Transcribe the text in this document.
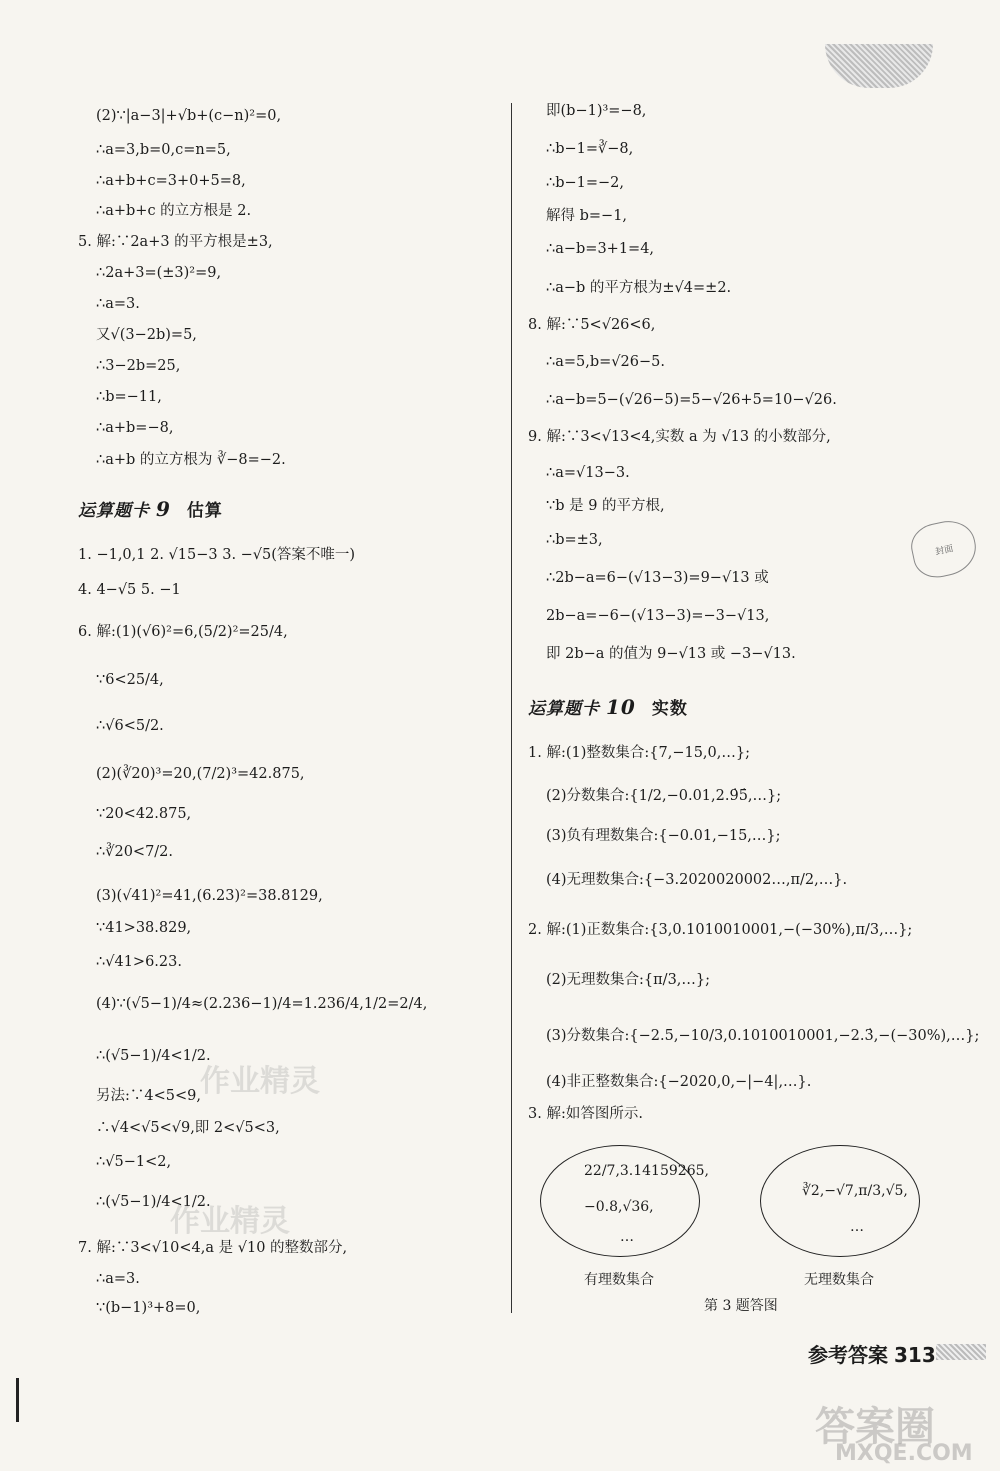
(2)∵|a−3|+√b+(c−n)²=0,
∴a=3,b=0,c=n=5,
∴a+b+c=3+0+5=8,
∴a+b+c 的立方根是 2.
5. 解:∵2a+3 的平方根是±3,
∴2a+3=(±3)²=9,
∴a=3.
又√(3−2b)=5,
∴3−2b=25,
∴b=−11,
∴a+b=−8,
∴a+b 的立方根为 ∛−8=−2.
运算题卡 9 估算
1. −1,0,1 2. √15−3 3. −√5(答案不唯一)
4. 4−√5 5. −1
6. 解:(1)(√6)²=6,(5/2)²=25/4,
∵6<25/4,
∴√6<5/2.
(2)(∛20)³=20,(7/2)³=42.875,
∵20<42.875,
∴∛20<7/2.
(3)(√41)²=41,(6.23)²=38.8129,
∵41>38.829,
∴√41>6.23.
(4)∵(√5−1)/4≈(2.236−1)/4=1.236/4,1/2=2/4,
∴(√5−1)/4<1/2.
另法:∵4<5<9,
∴√4<√5<√9,即 2<√5<3,
∴√5−1<2,
∴(√5−1)/4<1/2.
7. 解:∵3<√10<4,a 是 √10 的整数部分,
∴a=3.
∵(b−1)³+8=0,
即(b−1)³=−8,
∴b−1=∛−8,
∴b−1=−2,
解得 b=−1,
∴a−b=3+1=4,
∴a−b 的平方根为±√4=±2.
8. 解:∵5<√26<6,
∴a=5,b=√26−5.
∴a−b=5−(√26−5)=5−√26+5=10−√26.
9. 解:∵3<√13<4,实数 a 为 √13 的小数部分,
∴a=√13−3.
∵b 是 9 的平方根,
∴b=±3,
∴2b−a=6−(√13−3)=9−√13 或
2b−a=−6−(√13−3)=−3−√13,
即 2b−a 的值为 9−√13 或 −3−√13.
运算题卡 10 实数
1. 解:(1)整数集合:{7,−15,0,…};
(2)分数集合:{1/2,−0.01,2.9̇5̇,…};
(3)负有理数集合:{−0.01,−15,…};
(4)无理数集合:{−3.2020020002…,π/2,…}.
2. 解:(1)正数集合:{3,0.1010010001,−(−30%),π/3,…};
(2)无理数集合:{π/3,…};
(3)分数集合:{−2.5,−10/3,0.1010010001,−2.3̇,−(−30%),…};
(4)非正整数集合:{−2020,0,−|−4|,…}.
3. 解:如答图所示.
22/7,3.14159265,
−0.8,√36,
…
有理数集合
∛2,−√7,π/3,√5,
…
无理数集合
第 3 题答图
封面
作业精灵
作业精灵
参考答案 313
答案圈
MXQE.COM
